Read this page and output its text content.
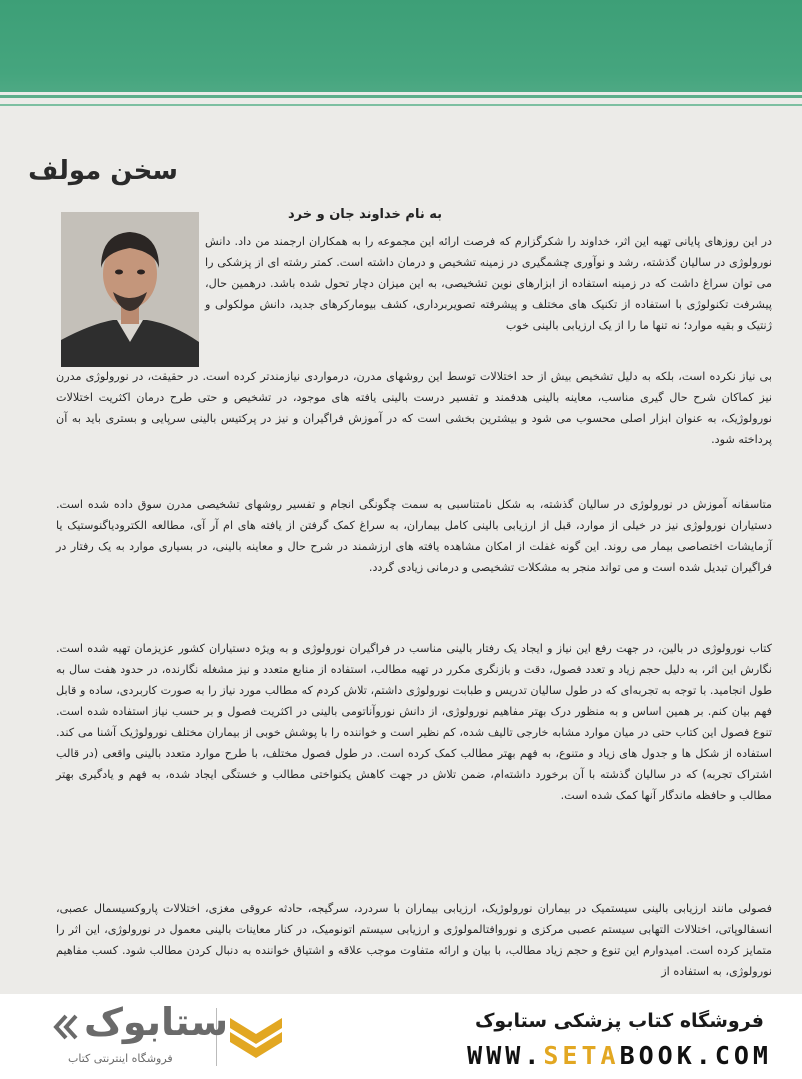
سخن مولف
به نام خداوند جان و خرد
در این روزهای پایانی تهیه این اثر، خداوند را شکرگزارم که فرصت ارائه این مجموعه را به همکاران ارجمند من داد. دانش نورولوژی در سالیان گذشته، رشد و نوآوری چشمگیری در زمینه تشخیص و درمان داشته است. کمتر رشته ای از پزشکی را می توان سراغ داشت که در زمینه استفاده از ابزارهای نوین تشخیصی، به این میزان دچار تحول شده باشد. درهمین حال، پیشرفت تکنولوژی با استفاده از تکنیک های مختلف و پیشرفته تصویربرداری، کشف بیومارکرهای جدید، دانش مولکولی و ژنتیک و بقیه موارد؛ نه تنها ما را از یک ارزیابی بالینی خوب
بی نیاز نکرده است، بلکه به دلیل تشخیص بیش از حد اختلالات توسط این روشهای مدرن، درمواردی نیازمندتر کرده است. در حقیقت، در نورولوژی مدرن نیز کماکان شرح حال گیری مناسب، معاینه بالینی هدفمند و تفسیر درست بالینی یافته های موجود، در تشخیص و حتی طرح درمان اکثریت اختلالات نورولوژیک، به عنوان ابزار اصلی محسوب می شود و بیشترین بخشی است که در آموزش فراگیران و نیز در پرکتیس بالینی سرپایی و بستری باید به آن پرداخته شود.
متاسفانه آموزش در نورولوژی در سالیان گذشته، به شکل نامتناسبی به سمت چگونگی انجام و تفسیر روشهای تشخیصی مدرن سوق داده شده است. دستیاران نورولوژی نیز در خیلی از موارد، قبل از ارزیابی بالینی کامل بیماران، به سراغ کمک گرفتن از یافته های ام آر آی، مطالعه الکترودیاگنوستیک یا آزمایشات اختصاصی بیمار می روند. این گونه غفلت از امکان مشاهده یافته های ارزشمند در شرح حال و معاینه بالینی، در بسیاری موارد به یک رفتار در فراگیران تبدیل شده است و می تواند منجر به مشکلات تشخیصی و درمانی زیادی گردد.
کتاب نورولوژی در بالین، در جهت رفع این نیاز و ایجاد یک رفتار بالینی مناسب در فراگیران نورولوژی و به ویژه دستیاران کشور عزیزمان تهیه شده است. نگارش این اثر، به دلیل حجم زیاد و تعدد فصول، دقت و بازنگری مکرر در تهیه مطالب، استفاده از منابع متعدد و نیز مشغله نگارنده، در حدود هفت سال به طول انجامید. با توجه به تجربه‌ای که در طول سالیان تدریس و طبابت نورولوژی داشتم، تلاش کردم که مطالب مورد نیاز را به صورت کاربردی، ساده و قابل فهم بیان کنم. بر همین اساس و به منظور درک بهتر مفاهیم نورولوژی، از دانش نوروآناتومی بالینی در اکثریت فصول و بر حسب نیاز استفاده شده است. تنوع فصول این کتاب حتی در میان موارد مشابه خارجی تالیف شده، کم نظیر است و خواننده را با پوشش خوبی از بیماران مختلف نورولوژیک آشنا می کند. استفاده از شکل ها و جدول های زیاد و متنوع، به فهم بهتر مطالب کمک کرده است. در طول فصول مختلف، با طرح موارد متعدد بالینی واقعی (در قالب اشتراک تجربه) که در سالیان گذشته با آن برخورد داشته‌ام، ضمن تلاش در جهت کاهش یکنواختی مطالب و خستگی ایجاد شده، به فهم و یادگیری بهتر مطالب و حافظه ماندگار آنها کمک شده است.
فصولی مانند ارزیابی بالینی سیستمیک در بیماران نورولوژیک، ارزیابی بیماران با سردرد، سرگیجه، حادثه عروقی مغزی، اختلالات پاروکسیسمال عصبی، انسفالوپاتی، اختلالات التهابی سیستم عصبی مرکزی و نوروافتالمولوژی و ارزیابی سیستم اتونومیک، در کنار معاینات بالینی معمول در نورولوژی، این اثر را متمایز کرده است. امیدوارم این تنوع و حجم زیاد مطالب، با بیان و ارائه متفاوت موجب علاقه و اشتیاق خواننده به دنبال کردن مطالب شود. کسب مفاهیم نورولوژی، به استفاده از
فروشگاه کتاب پزشکی ستابوک
WWW.SETABOOK.COM
ستابوک
فروشگاه اینترنتی کتاب
